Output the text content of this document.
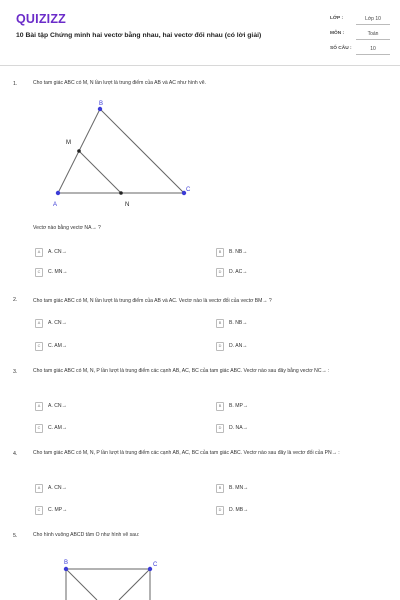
QUIZIZZ
10 Bài tập Chứng minh hai vectơ bằng nhau, hai vectơ đối nhau (có lời giải)
LỚP :	Lớp 10
MÔN :	Toán
SỐ CÂU :	10
1.	Cho tam giác ABC có M, N lần lượt là trung điểm của AB và AC như hình vẽ.
A
B
C
M
N
Vectơ nào bằng vectơ NA→ ?
A	A. CN→	B	B. NB→
C	C. MN→	D	D. AC→
2.	Cho tam giác ABC có M, N lần lượt là trung điểm của AB và AC. Vectơ nào là vectơ đối của vectơ BM→ ?
A	A. CN→	B	B. NB→
C	C. AM→	D	D. AN→
3.	Cho tam giác ABC có M, N, P lần lượt là trung điểm các cạnh AB, AC, BC của tam giác ABC. Vectơ nào sau đây bằng vectơ NC→ :
A	A. CN→	B	B. MP→
C	C. AM→	D	D. NA→
4.	Cho tam giác ABC có M, N, P lần lượt là trung điểm các cạnh AB, AC, BC của tam giác ABC. Vectơ nào sau đây là vectơ đối của PN→ :
A	A. CN→	B	B. MN→
C	C. MP→	D	D. MB→
5.	Cho hình vuông ABCD tâm O như hình vẽ sau:
B	C
